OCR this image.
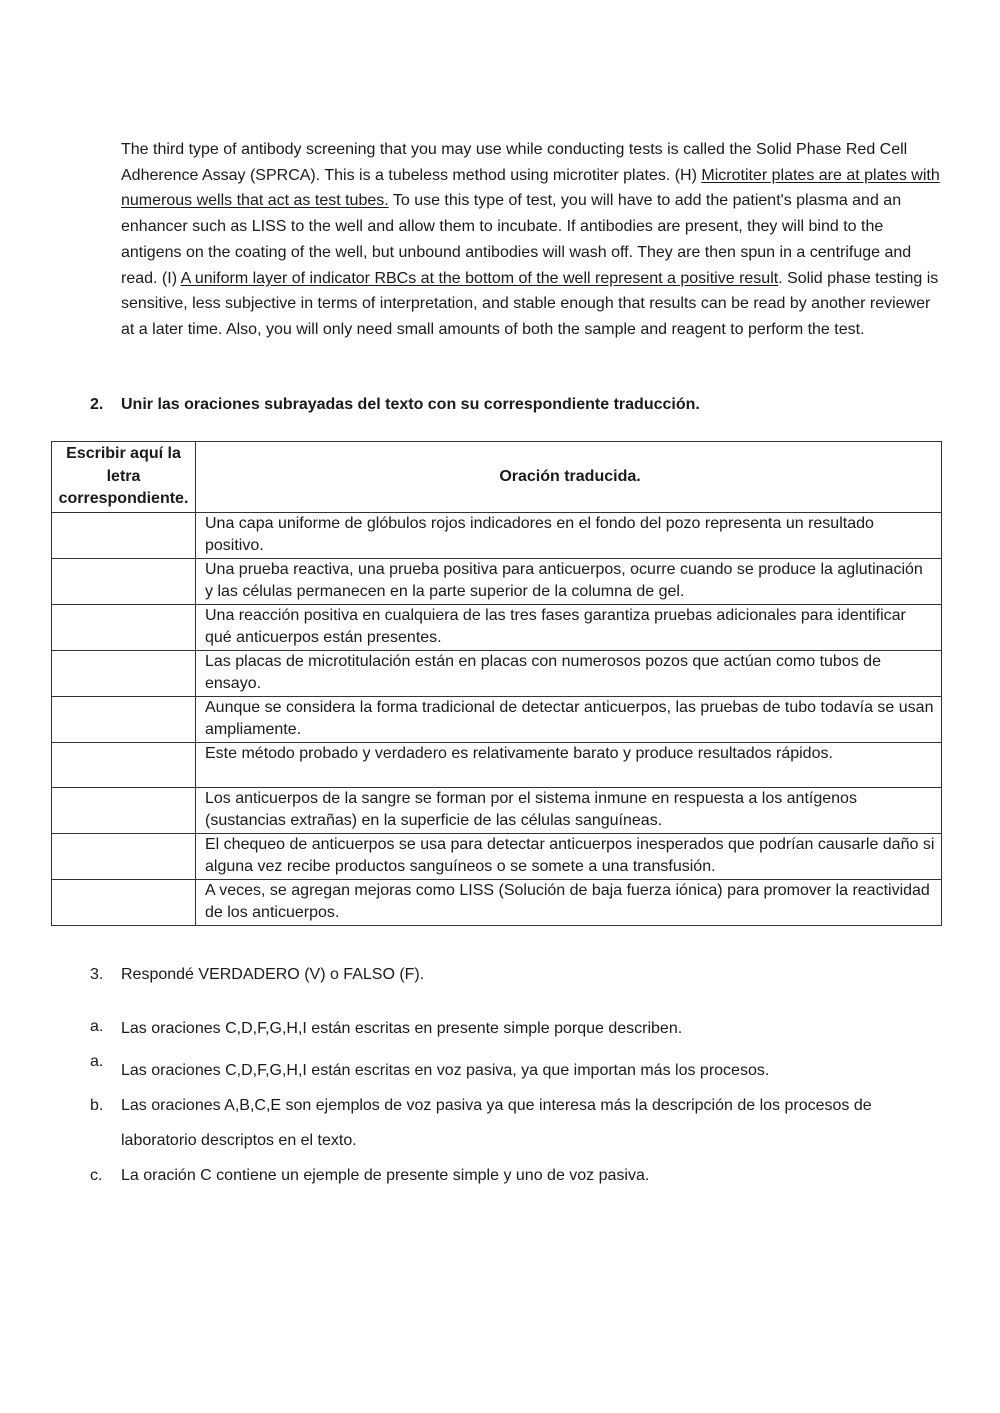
The third type of antibody screening that you may use while conducting tests is called the Solid Phase Red Cell Adherence Assay (SPRCA). This is a tubeless method using microtiter plates. (H) Microtiter plates are at plates with numerous wells that act as test tubes. To use this type of test, you will have to add the patient's plasma and an enhancer such as LISS to the well and allow them to incubate. If antibodies are present, they will bind to the antigens on the coating of the well, but unbound antibodies will wash off. They are then spun in a centrifuge and read. (I) A uniform layer of indicator RBCs at the bottom of the well represent a positive result. Solid phase testing is sensitive, less subjective in terms of interpretation, and stable enough that results can be read by another reviewer at a later time. Also, you will only need small amounts of both the sample and reagent to perform the test.

2. Unir las oraciones subrayadas del texto con su correspondiente traducción.

Escribir aquí la letra correspondiente.	Oración traducida.
	Una capa uniforme de glóbulos rojos indicadores en el fondo del pozo representa un resultado positivo.
	Una prueba reactiva, una prueba positiva para anticuerpos, ocurre cuando se produce la aglutinación y las células permanecen en la parte superior de la columna de gel.
	Una reacción positiva en cualquiera de las tres fases garantiza pruebas adicionales para identificar qué anticuerpos están presentes.
	Las placas de microtitulación están en placas con numerosos pozos que actúan como tubos de ensayo.
	Aunque se considera la forma tradicional de detectar anticuerpos, las pruebas de tubo todavía se usan ampliamente.
	Este método probado y verdadero es relativamente barato y produce resultados rápidos.
	Los anticuerpos de la sangre se forman por el sistema inmune en respuesta a los antígenos (sustancias extrañas) en la superficie de las células sanguíneas.
	El chequeo de anticuerpos se usa para detectar anticuerpos inesperados que podrían causarle daño si alguna vez recibe productos sanguíneos o se somete a una transfusión.
	A veces, se agregan mejoras como LISS (Solución de baja fuerza iónica) para promover la reactividad de los anticuerpos.

3. Respondé VERDADERO (V) o FALSO (F).

a.	Las oraciones C,D,F,G,H,I están escritas en presente simple porque describen.
a.
Las oraciones C,D,F,G,H,I están escritas en voz pasiva, ya que importan más los procesos.
b.	Las oraciones A,B,C,E son ejemplos de voz pasiva ya que interesa más la descripción de los procesos de laboratorio descriptos en el texto.
c.	La oración C contiene un ejemple de presente simple y uno de voz pasiva.
